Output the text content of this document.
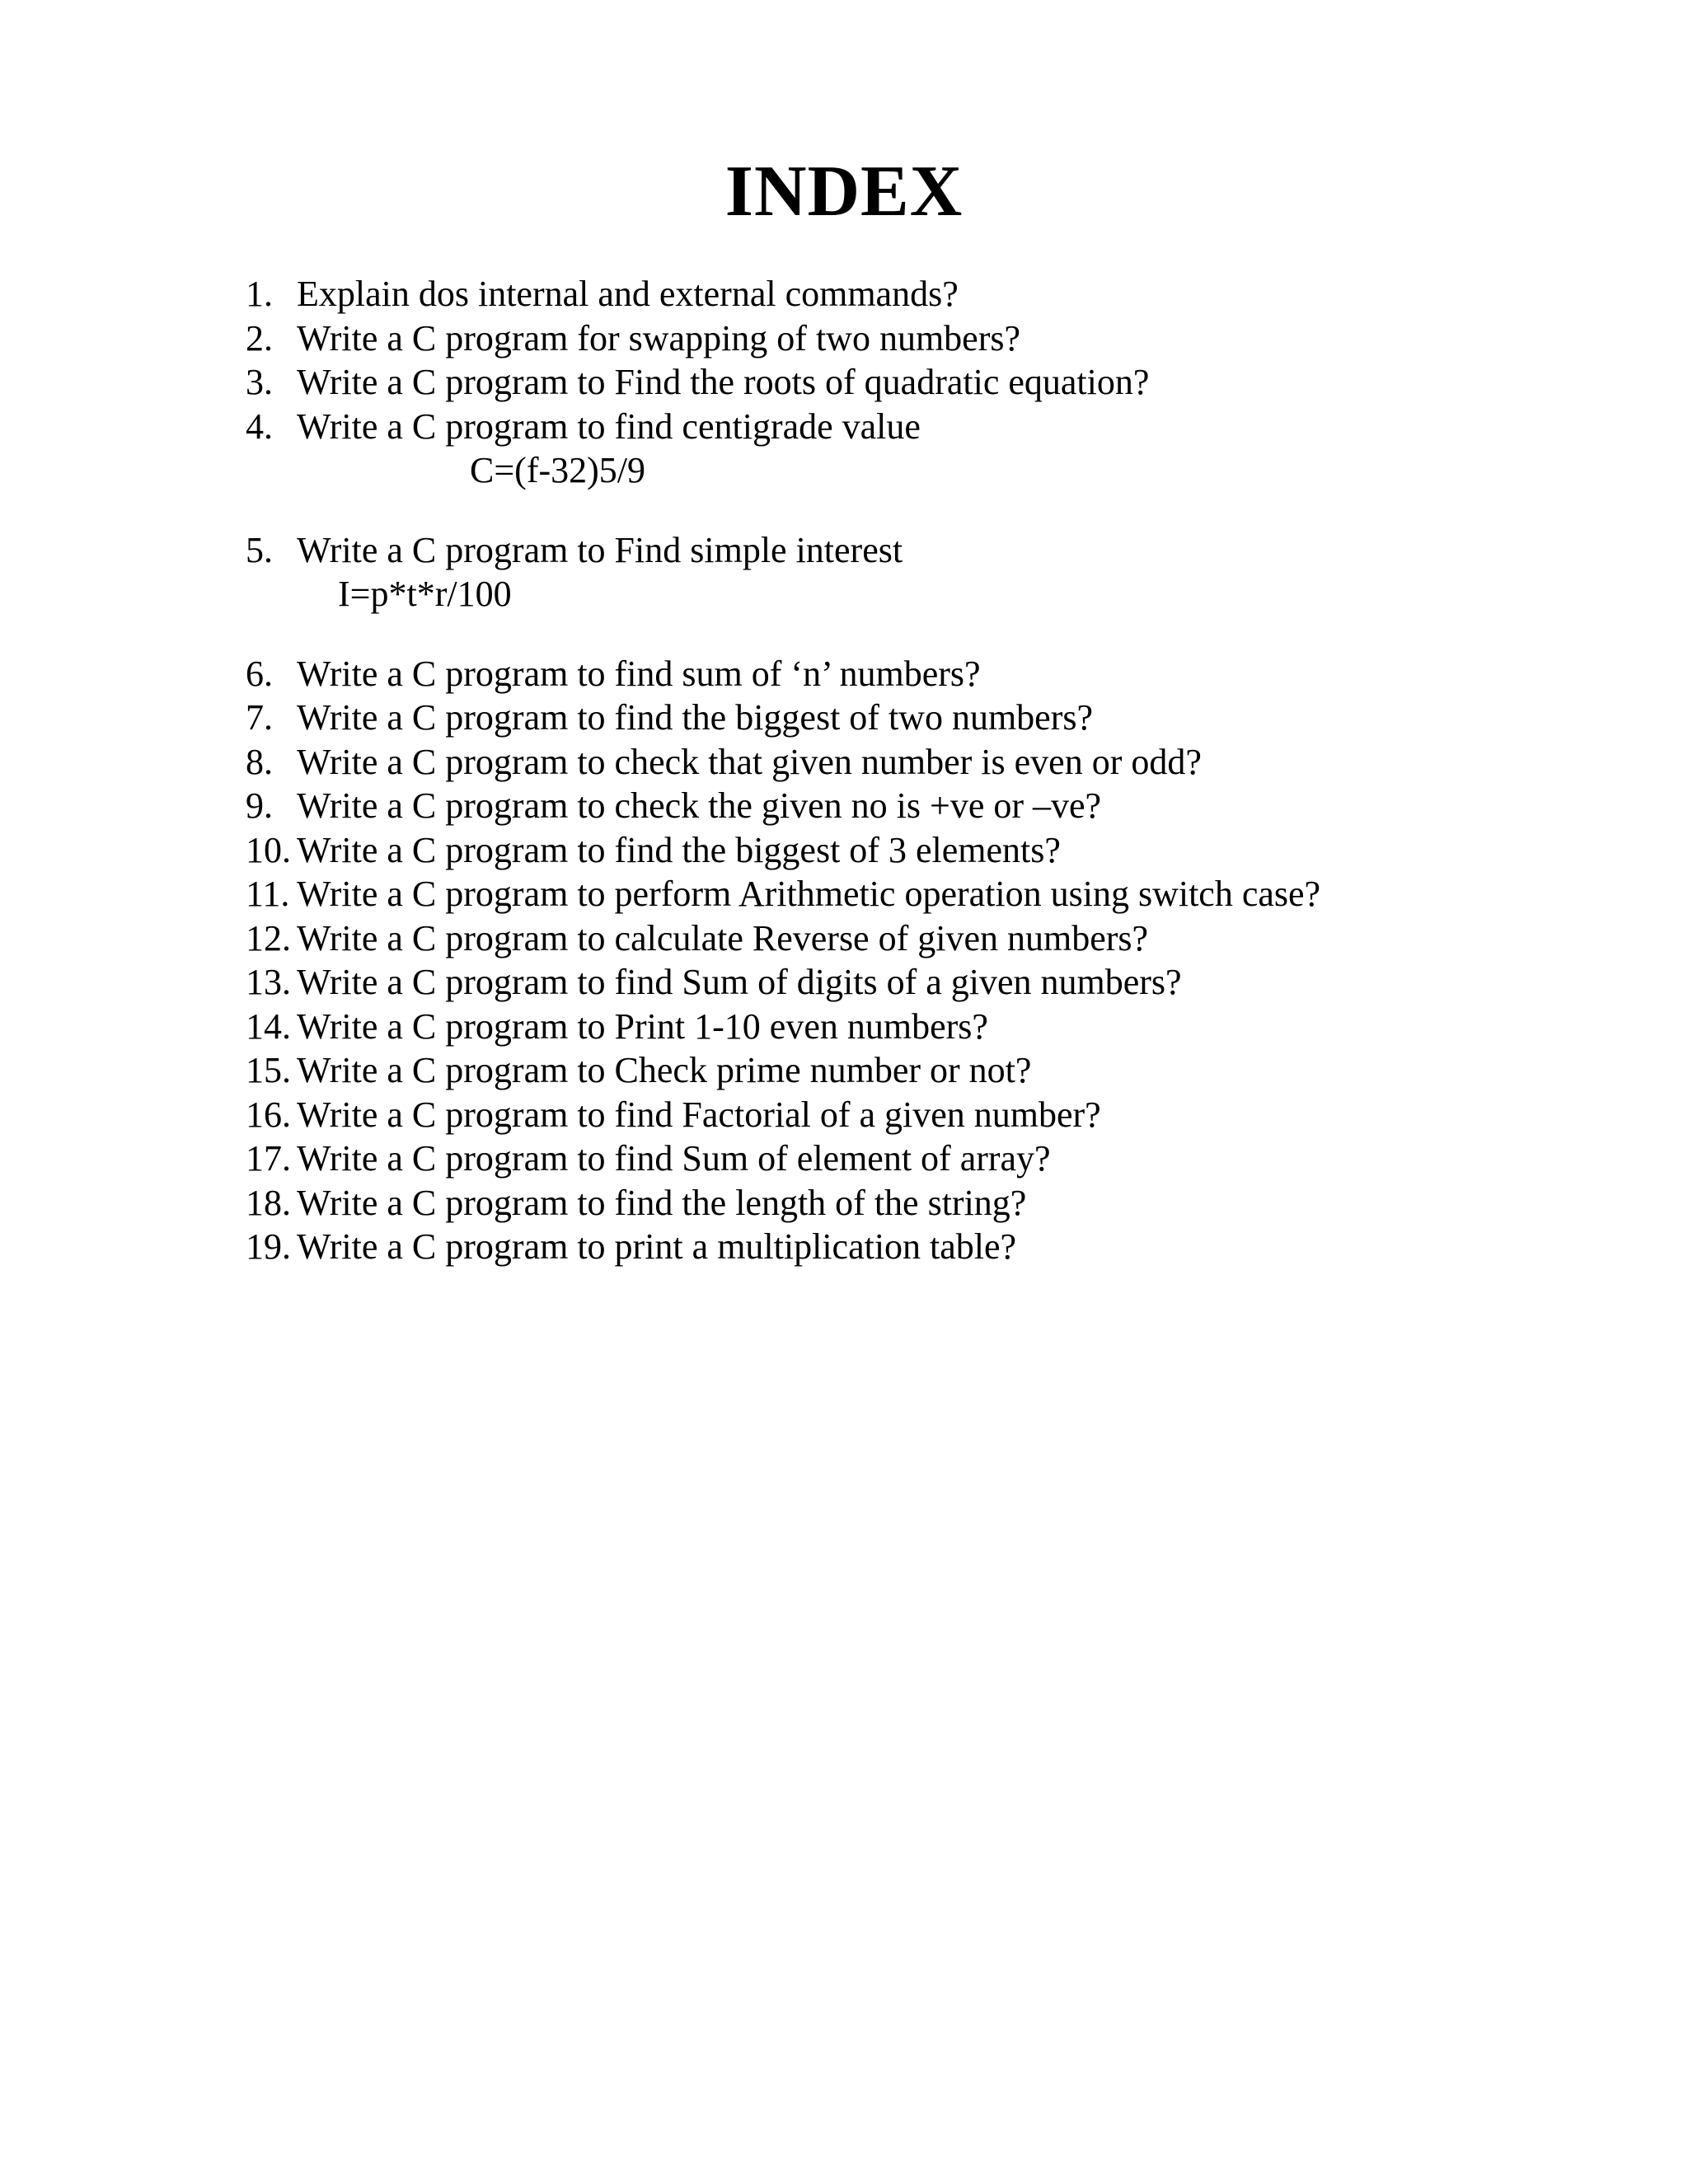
INDEX
1. Explain dos internal and external commands?
2. Write a C program for swapping of two numbers?
3. Write a C program to Find the roots of quadratic equation?
4. Write a C program to find centigrade value
C=(f-32)5/9
5. Write a C program to Find simple interest
I=p*t*r/100
6. Write a C program to find sum of ‘n’ numbers?
7. Write a C program to find the biggest of two numbers?
8. Write a C program to check that given number is even or odd?
9. Write a C program to check the given no is +ve or –ve?
10. Write a C program to find the biggest of 3 elements?
11. Write a C program to perform Arithmetic operation using switch case?
12. Write a C program to calculate Reverse of given numbers?
13. Write a C program to find Sum of digits of a given numbers?
14. Write a C program to Print 1-10 even numbers?
15. Write a C program to Check prime number or not?
16. Write a C program to find Factorial of a given number?
17. Write a C program to find Sum of element of array?
18. Write a C program to find the length of the string?
19. Write a C program to print a multiplication table?
